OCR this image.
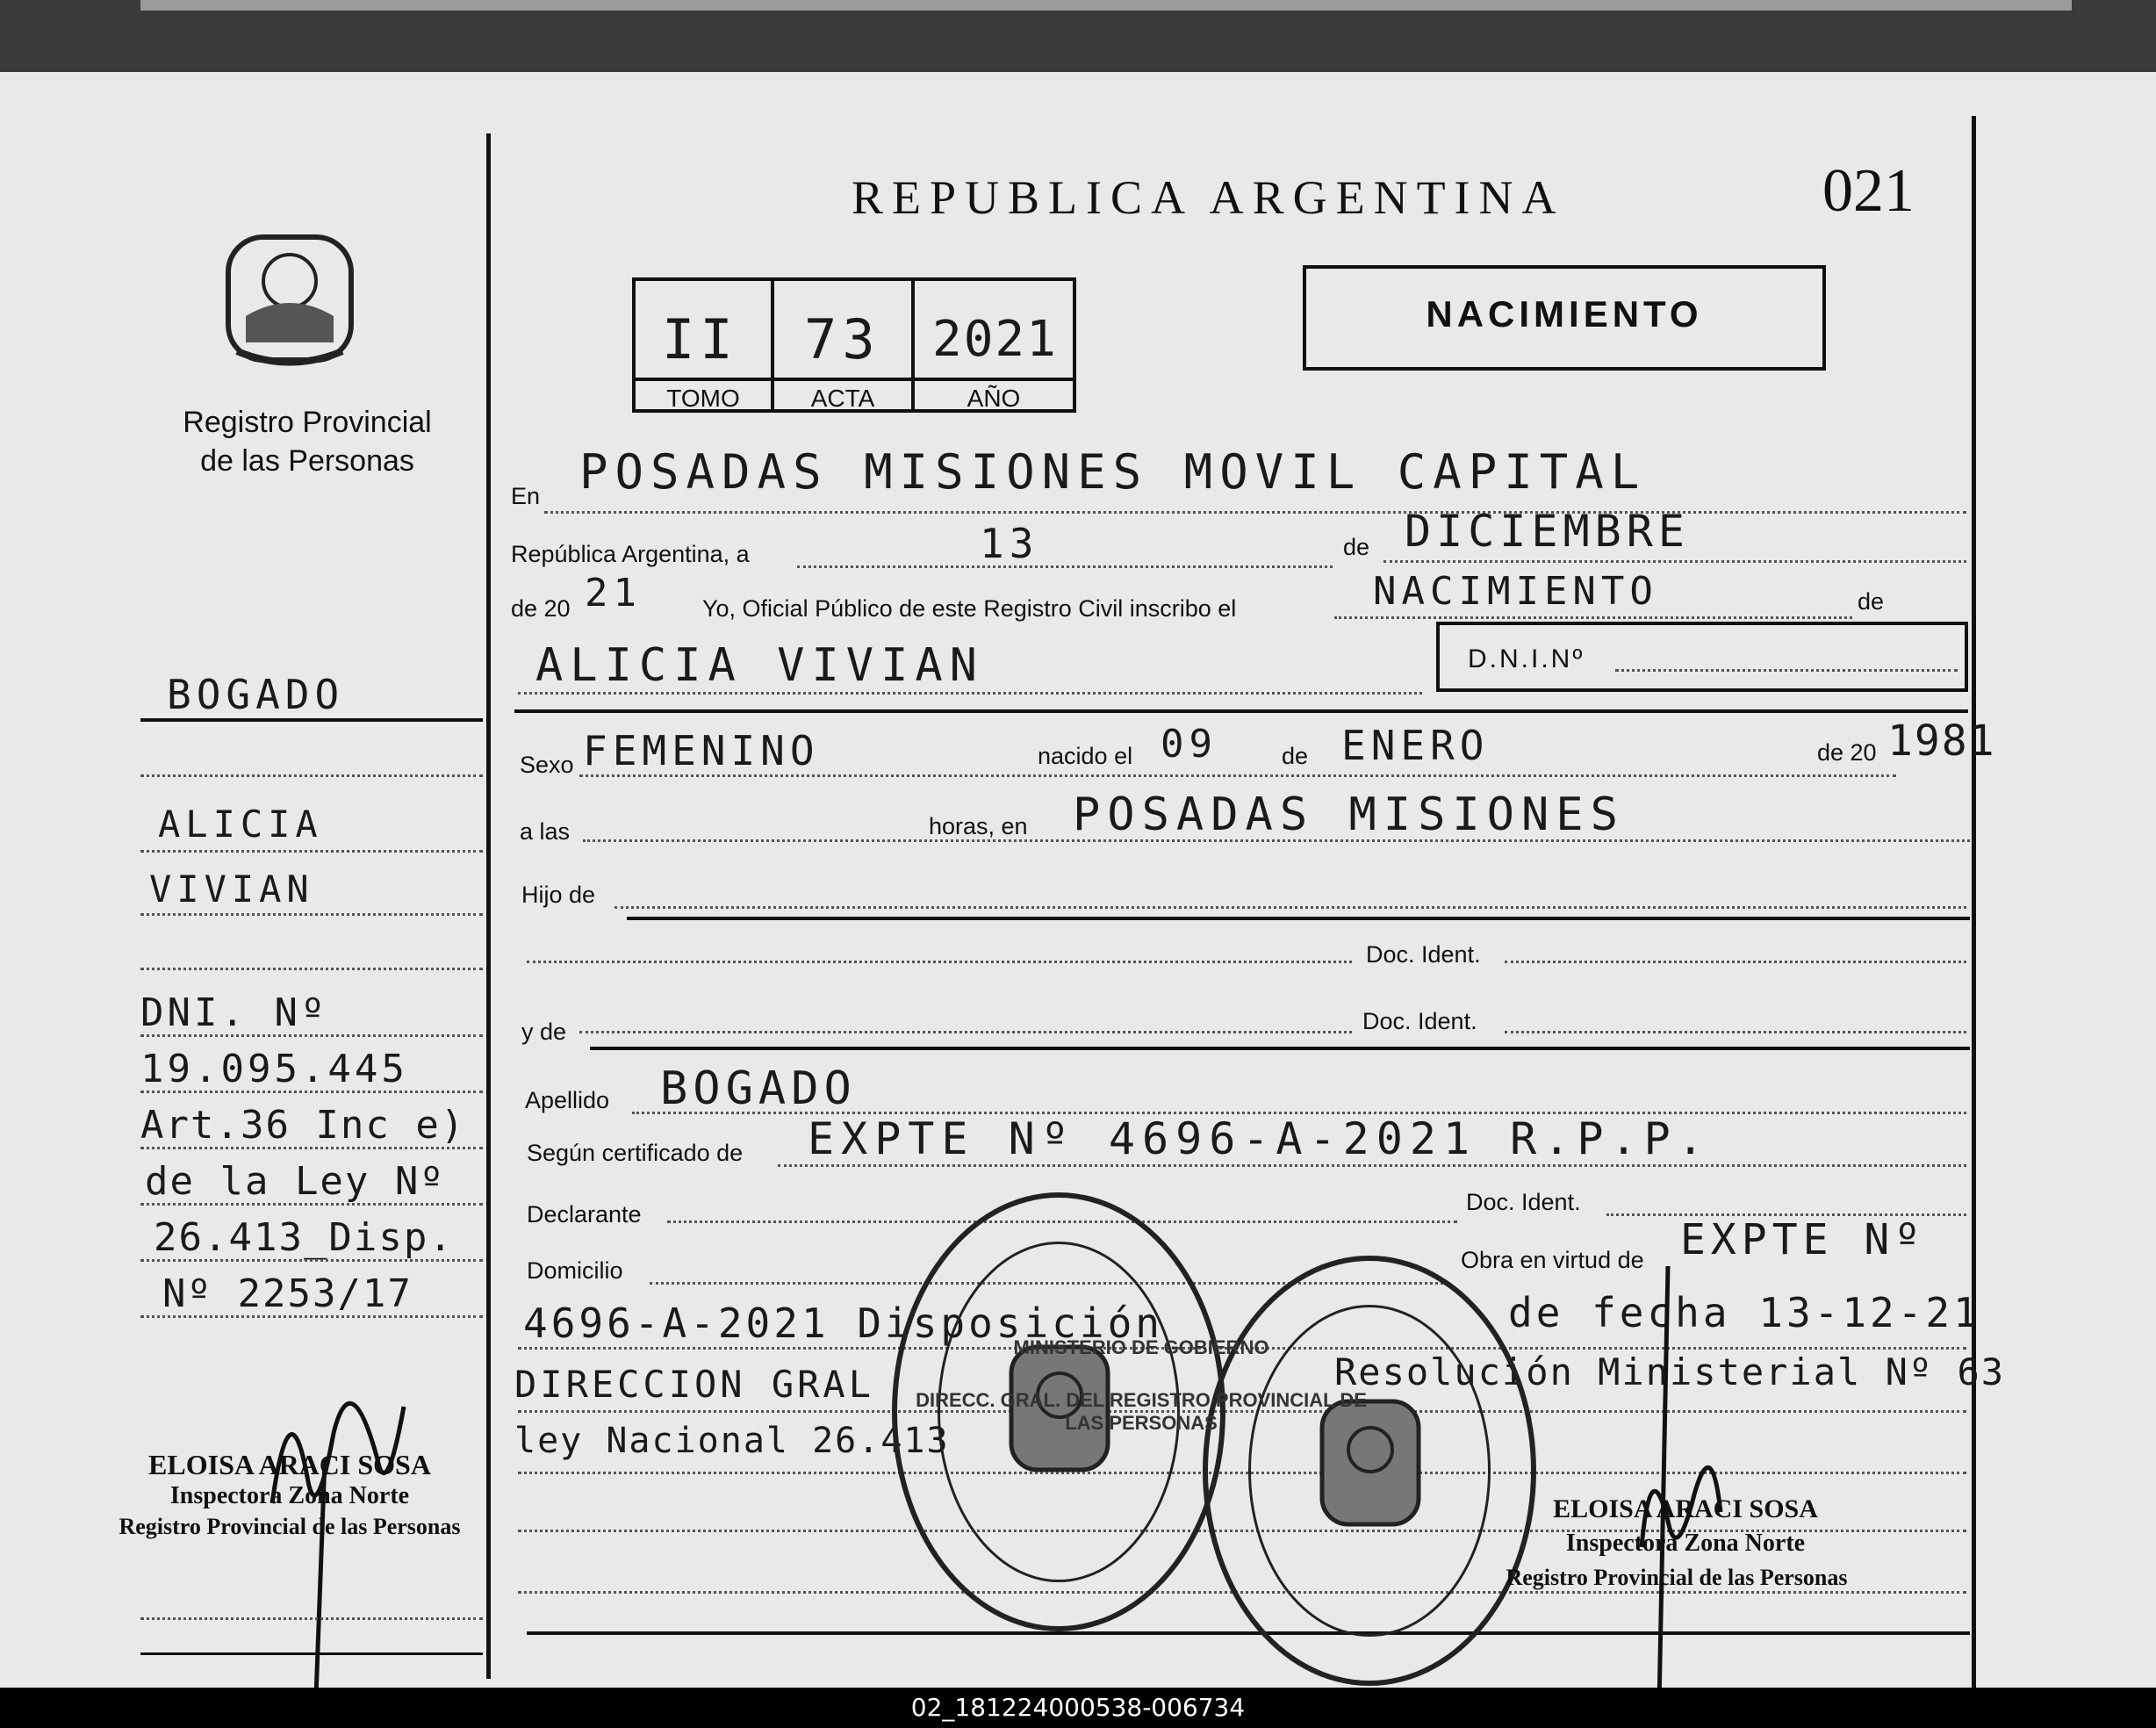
Registro Provincial
de las Personas
BOGADO
ALICIA
VIVIAN
DNI. Nº
19.095.445
Art.36 Inc e)
de la Ley Nº
26.413_Disp.
Nº 2253/17
ELOISA ARACI SOSA
Inspectora Zona Norte
Registro Provincial de las Personas
REPUBLICA ARGENTINA	021
II 73 2021
TOMO	ACTA	AÑO
NACIMIENTO
En POSADAS MISIONES MOVIL CAPITAL
República Argentina, a	13	de DICIEMBRE
de 20 21	Yo, Oficial Público de este Registro Civil inscribo el	NACIMIENTO	de
ALICIA VIVIAN	D.N.I.Nº
Sexo FEMENINO	nacido el 09	de ENERO	de 20 1981
a las	horas, en POSADAS MISIONES
Hijo de
Doc. Ident.
y de	Doc. Ident.
Apellido BOGADO
Según certificado de EXPTE Nº 4696-A-2021 R.P.P.
Declarante	Doc. Ident.
Domicilio	Obra en virtud de EXPTE Nº
4696-A-2021 Disposición	de fecha 13-12-21
DIRECCION GRAL	Resolución Ministerial Nº 63
ley Nacional 26.413
DIRECC. GRAL. DEL REGISTRO PROVINCIAL DE LAS PERSONAS
MINISTERIO DE GOBIERNO
ELOISA ARACI SOSA
Inspectora Zona Norte
Registro Provincial de las Personas
02_181224000538-006734
